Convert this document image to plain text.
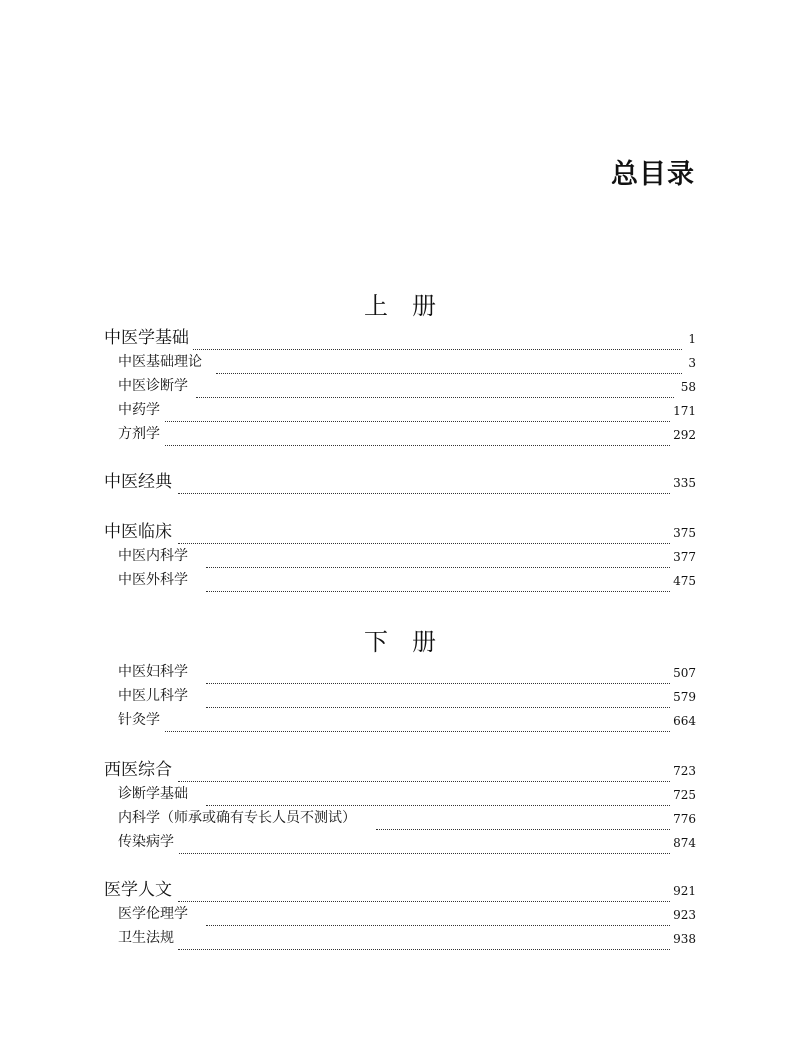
总目录
上 册
中医学基础	1
中医基础理论	3
中医诊断学	58
中药学	171
方剂学	292
中医经典	335
中医临床	375
中医内科学	377
中医外科学	475
下 册
中医妇科学	507
中医儿科学	579
针灸学	664
西医综合	723
诊断学基础	725
内科学（师承或确有专长人员不测试）	776
传染病学	874
医学人文	921
医学伦理学	923
卫生法规	938
